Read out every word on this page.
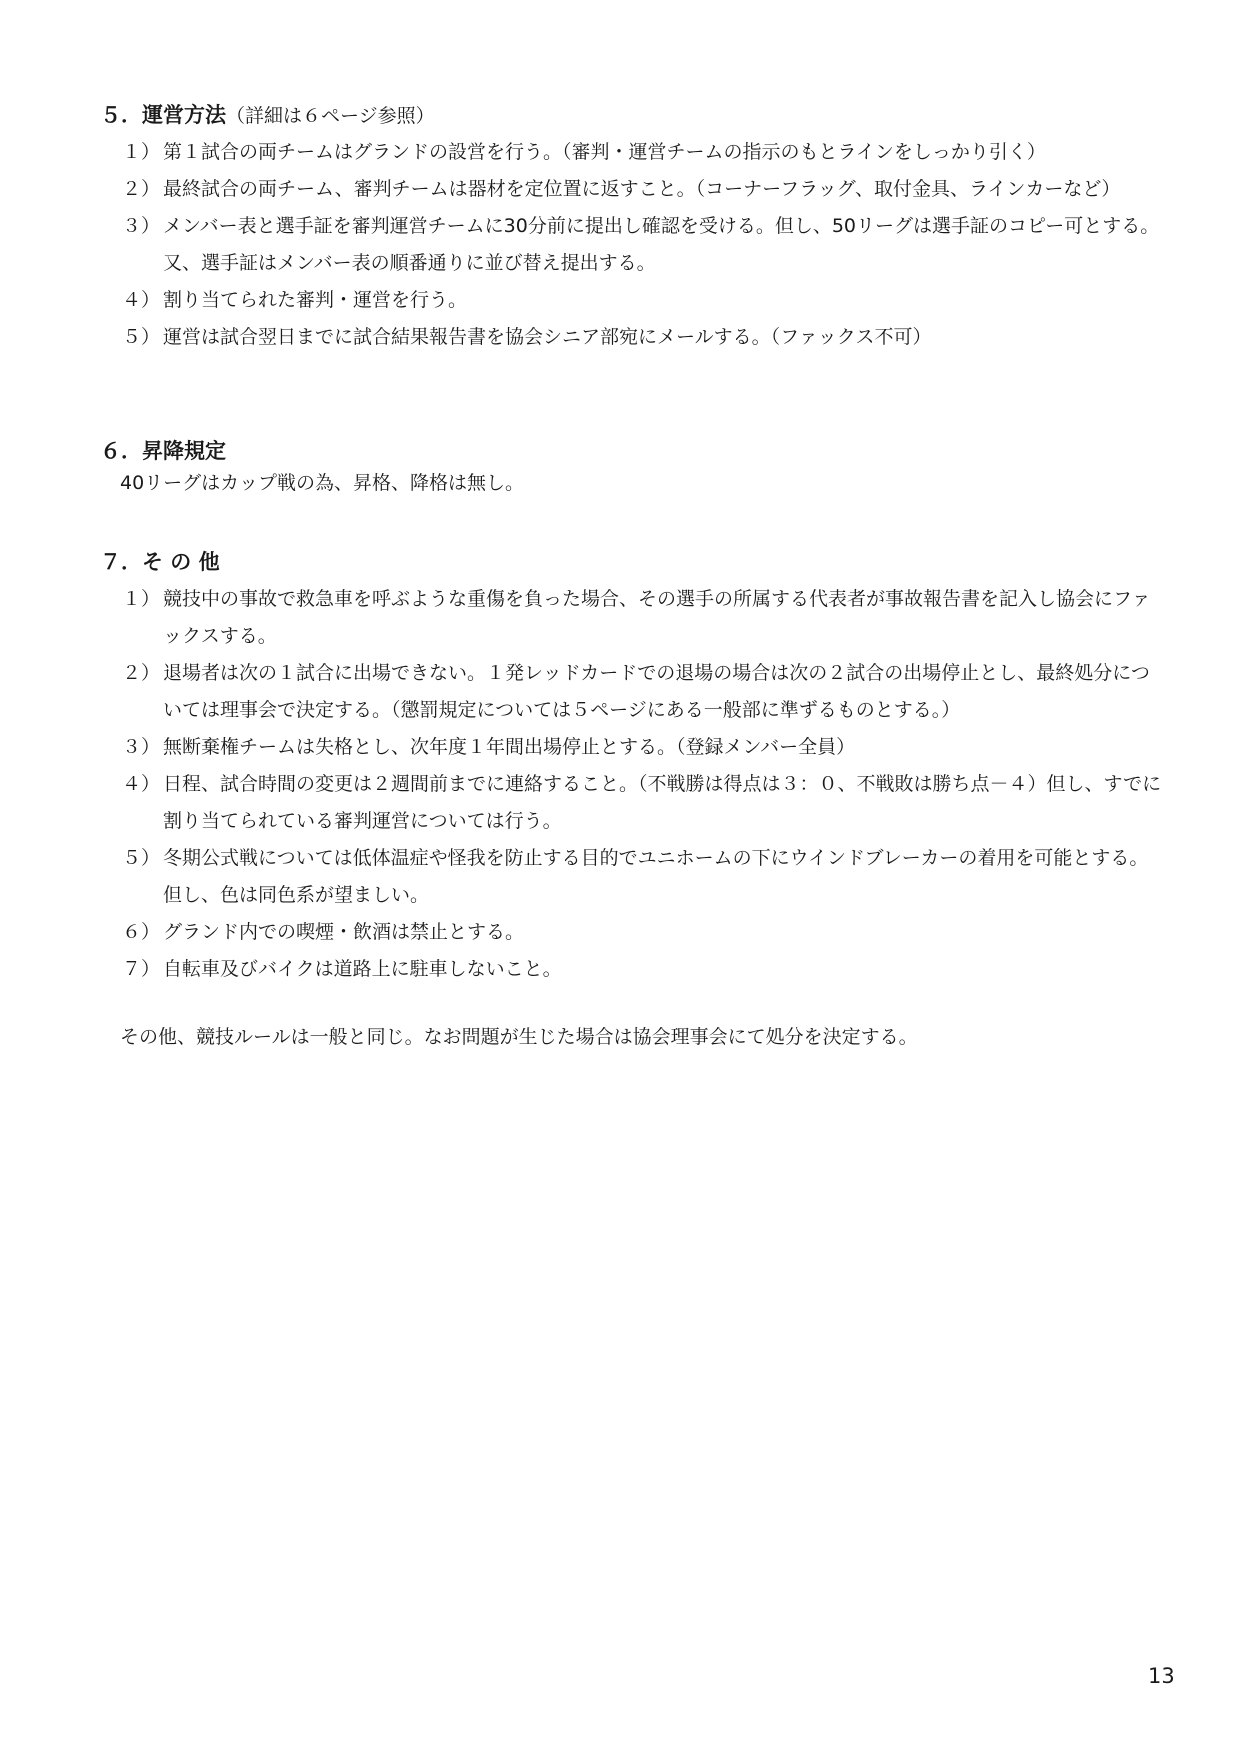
５．運営方法（詳細は６ページ参照）
１） 第１試合の両チームはグランドの設営を行う。（審判・運営チームの指示のもとラインをしっかり引く）
２） 最終試合の両チーム、審判チームは器材を定位置に返すこと。（コーナーフラッグ、取付金具、ラインカーなど）
３） メンバー表と選手証を審判運営チームに30分前に提出し確認を受ける。但し、50リーグは選手証のコピー可とする。又、選手証はメンバー表の順番通りに並び替え提出する。
４） 割り当てられた審判・運営を行う。
５） 運営は試合翌日までに試合結果報告書を協会シニア部宛にメールする。（ファックス不可）
６．昇降規定
40リーグはカップ戦の為、昇格、降格は無し。
７．そ の 他
１） 競技中の事故で救急車を呼ぶような重傷を負った場合、その選手の所属する代表者が事故報告書を記入し協会にファックスする。
２） 退場者は次の１試合に出場できない。１発レッドカードでの退場の場合は次の２試合の出場停止とし、最終処分については理事会で決定する。（懲罰規定については５ページにある一般部に準ずるものとする。）
３） 無断棄権チームは失格とし、次年度１年間出場停止とする。（登録メンバー全員）
４） 日程、試合時間の変更は２週間前までに連絡すること。（不戦勝は得点は３：０、不戦敗は勝ち点－４）但し、すでに割り当てられている審判運営については行う。
５） 冬期公式戦については低体温症や怪我を防止する目的でユニホームの下にウインドブレーカーの着用を可能とする。但し、色は同色系が望ましい。
６） グランド内での喫煙・飲酒は禁止とする。
７） 自転車及びバイクは道路上に駐車しないこと。
その他、競技ルールは一般と同じ。なお問題が生じた場合は協会理事会にて処分を決定する。
13
